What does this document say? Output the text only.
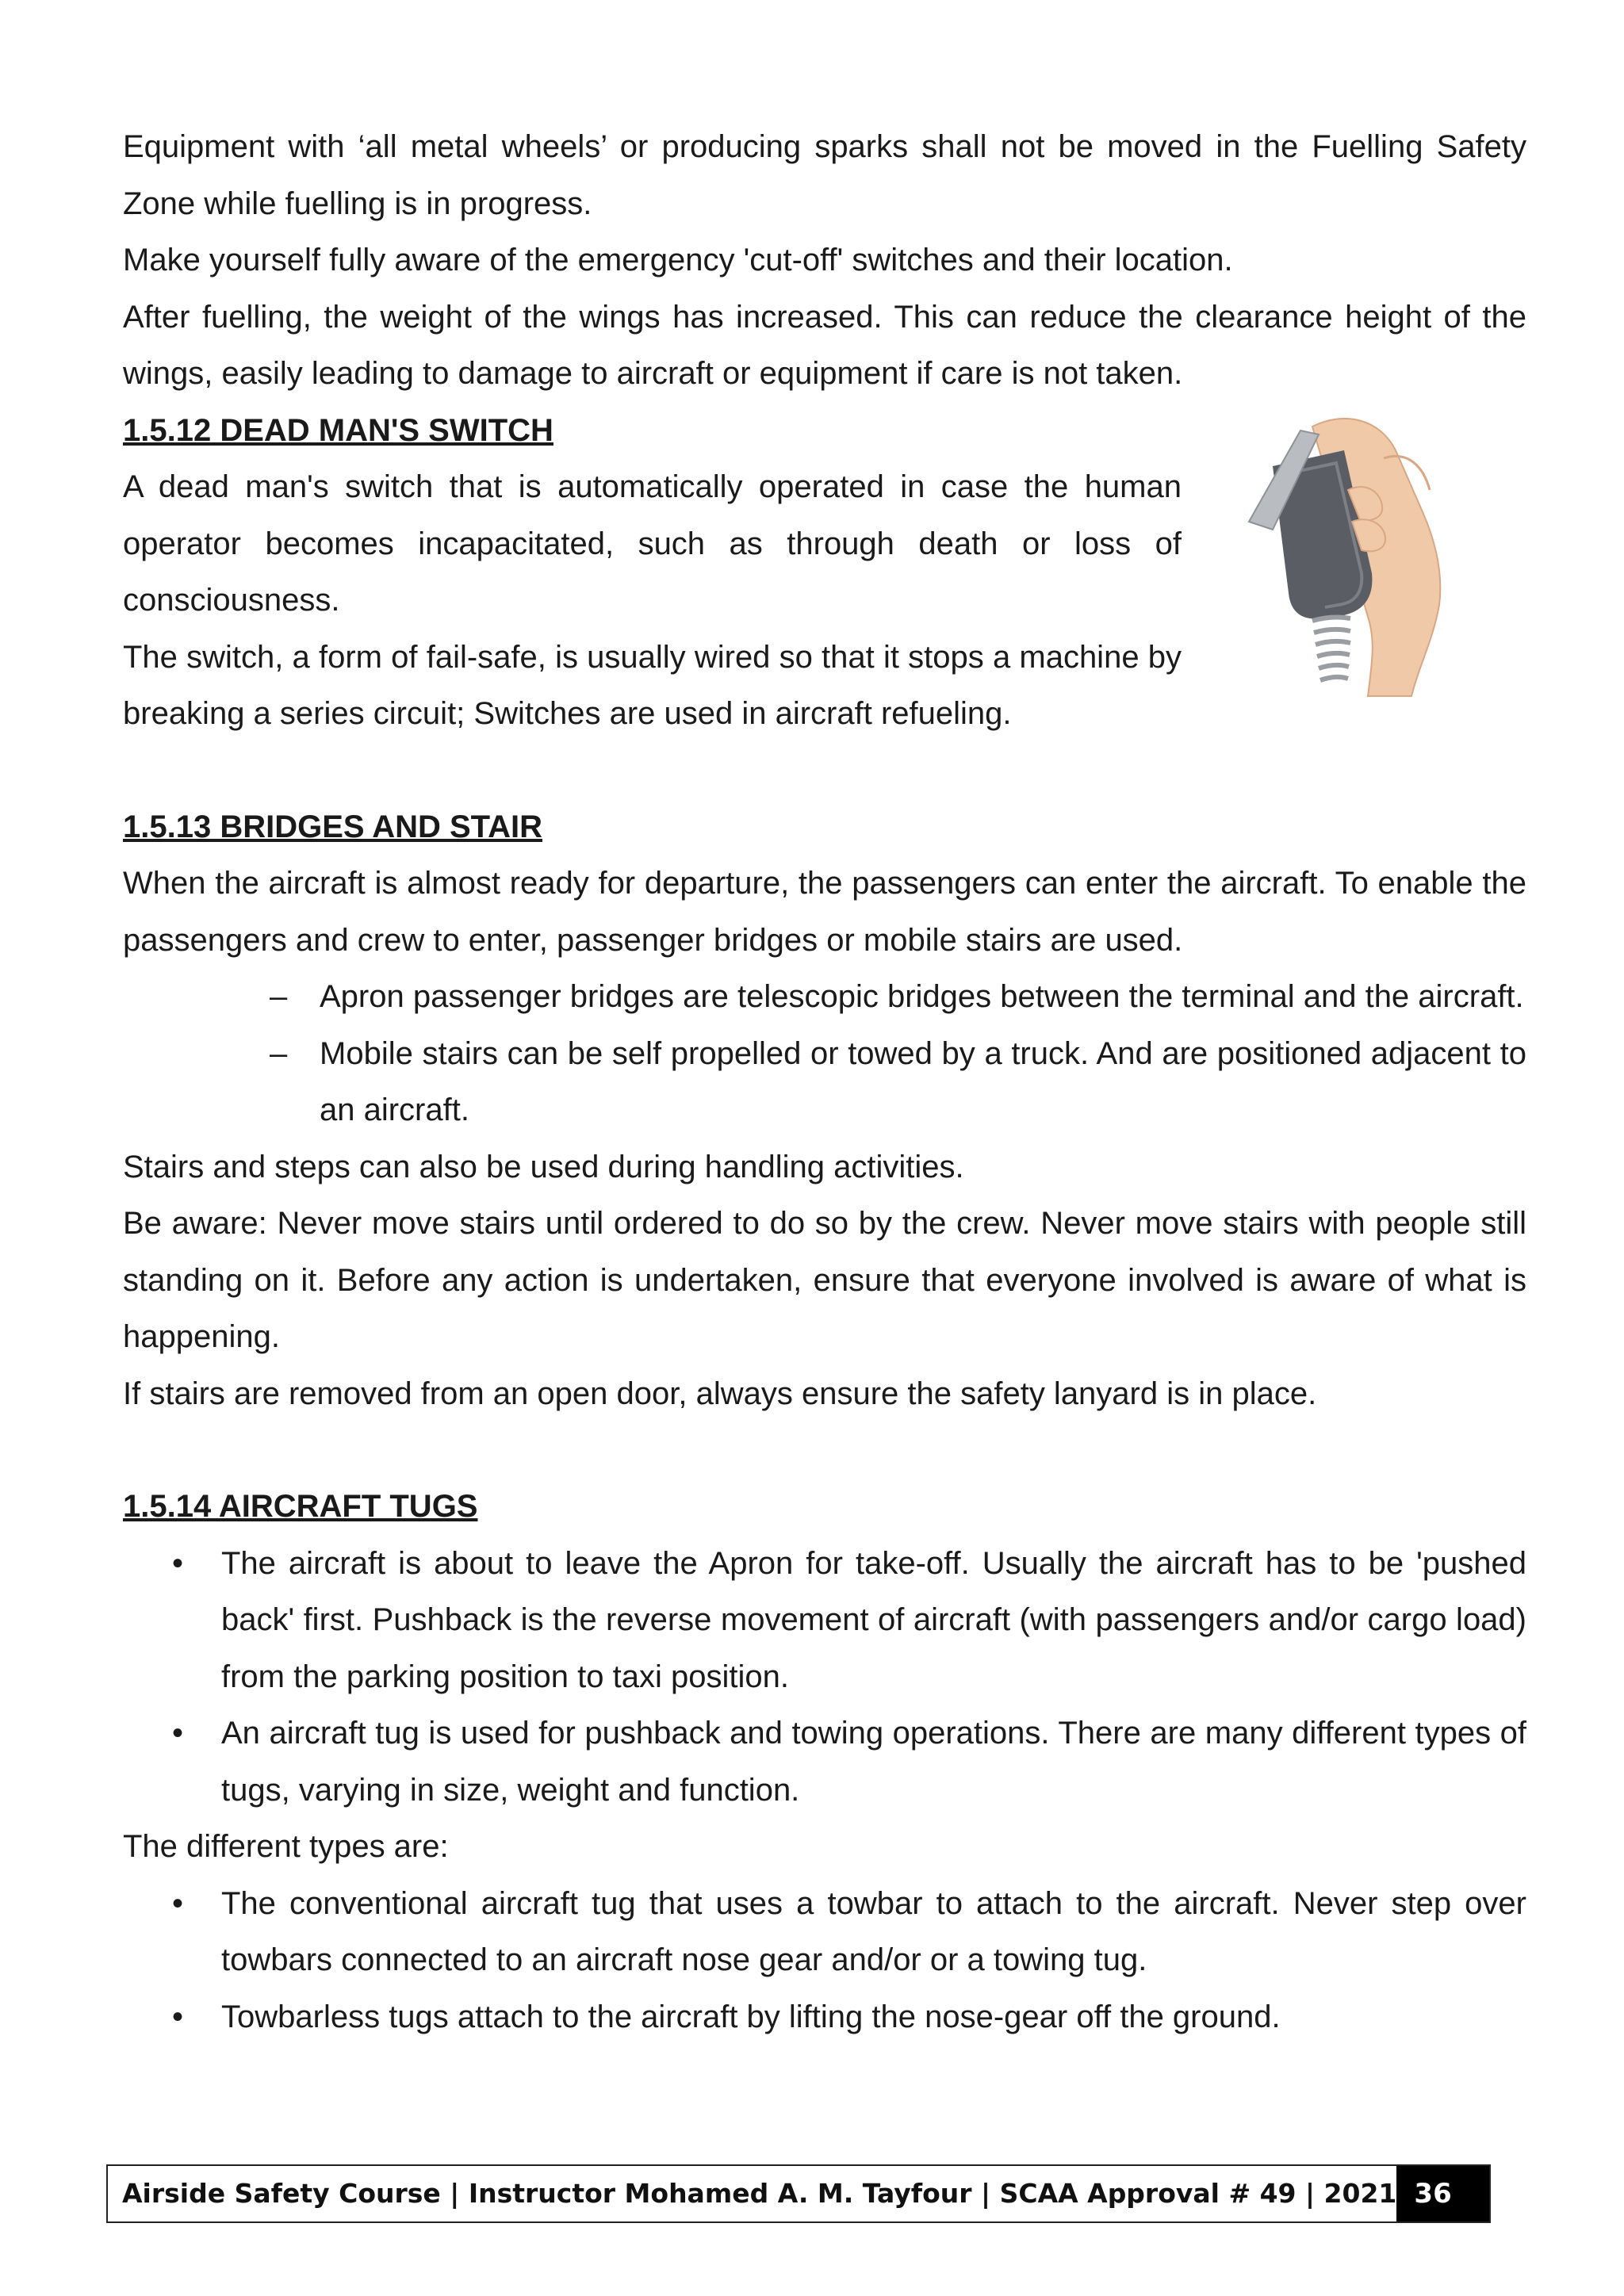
Equipment with ‘all metal wheels’ or producing sparks shall not be moved in the Fuelling Safety Zone while fuelling is in progress.

Make yourself fully aware of the emergency 'cut-off' switches and their location.

After fuelling, the weight of the wings has increased. This can reduce the clearance height of the wings, easily leading to damage to aircraft or equipment if care is not taken.

1.5.12 DEAD MAN'S SWITCH

A dead man's switch that is automatically operated in case the human operator becomes incapacitated, such as through death or loss of consciousness.

The switch, a form of fail-safe, is usually wired so that it stops a machine by breaking a series circuit; Switches are used in aircraft refueling.

1.5.13 BRIDGES AND STAIR

When the aircraft is almost ready for departure, the passengers can enter the aircraft. To enable the passengers and crew to enter, passenger bridges or mobile stairs are used.

– Apron passenger bridges are telescopic bridges between the terminal and the aircraft.
– Mobile stairs can be self propelled or towed by a truck. And are positioned adjacent to an aircraft.

Stairs and steps can also be used during handling activities.

Be aware: Never move stairs until ordered to do so by the crew. Never move stairs with people still standing on it. Before any action is undertaken, ensure that everyone involved is aware of what is happening.

If stairs are removed from an open door, always ensure the safety lanyard is in place.

1.5.14 AIRCRAFT TUGS
• The aircraft is about to leave the Apron for take-off. Usually the aircraft has to be 'pushed back' first. Pushback is the reverse movement of aircraft (with passengers and/or cargo load) from the parking position to taxi position.
• An aircraft tug is used for pushback and towing operations. There are many different types of tugs, varying in size, weight and function.

The different types are:

• The conventional aircraft tug that uses a towbar to attach to the aircraft. Never step over towbars connected to an aircraft nose gear and/or or a towing tug.
• Towbarless tugs attach to the aircraft by lifting the nose-gear off the ground.
Airside Safety Course | Instructor Mohamed A. M. Tayfour | SCAA Approval # 49 | 2021 36
